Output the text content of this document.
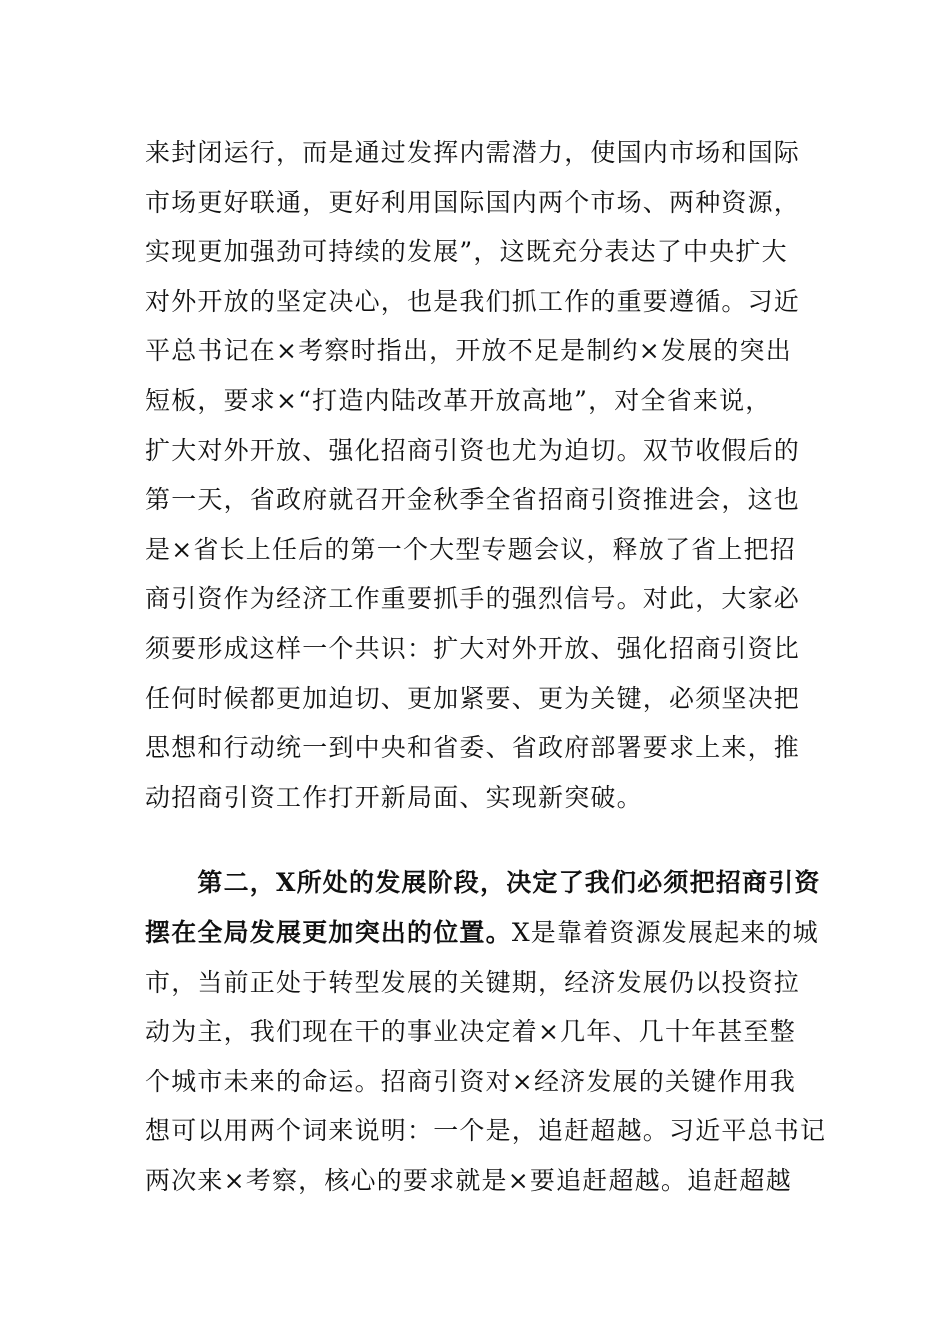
来封闭运行，而是通过发挥内需潜力，使国内市场和国际
市场更好联通，更好利用国际国内两个市场、两种资源，
实现更加强劲可持续的发展”，这既充分表达了中央扩大
对外开放的坚定决心，也是我们抓工作的重要遵循。习近
平总书记在×考察时指出，开放不足是制约×发展的突出
短板，要求×“打造内陆改革开放高地”，对全省来说，
扩大对外开放、强化招商引资也尤为迫切。双节收假后的
第一天，省政府就召开金秋季全省招商引资推进会，这也
是×省长上任后的第一个大型专题会议，释放了省上把招
商引资作为经济工作重要抓手的强烈信号。对此，大家必
须要形成这样一个共识：扩大对外开放、强化招商引资比
任何时候都更加迫切、更加紧要、更为关键，必须坚决把
思想和行动统一到中央和省委、省政府部署要求上来，推
动招商引资工作打开新局面、实现新突破。
　　第二，X所处的发展阶段，决定了我们必须把招商引资
摆在全局发展更加突出的位置。X是靠着资源发展起来的城
市，当前正处于转型发展的关键期，经济发展仍以投资拉
动为主，我们现在干的事业决定着×几年、几十年甚至整
个城市未来的命运。招商引资对×经济发展的关键作用我
想可以用两个词来说明：一个是，追赶超越。习近平总书记
两次来×考察，核心的要求就是×要追赶超越。追赶超越
